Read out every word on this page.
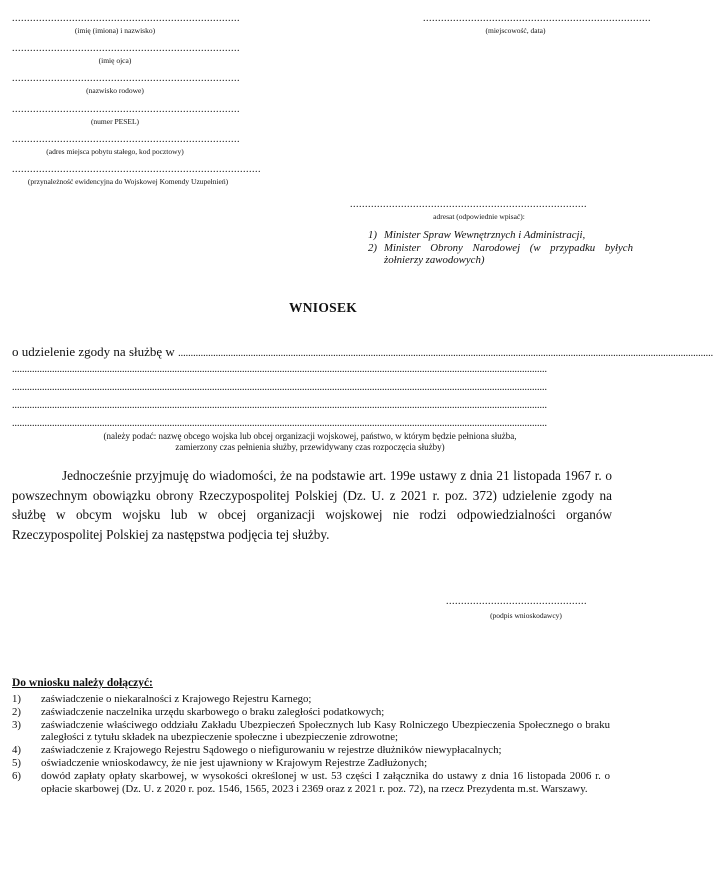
............................................................................
(imię (imiona) i nazwisko)
............................................................................
(imię ojca)
............................................................................
(nazwisko rodowe)
............................................................................
(numer PESEL)
............................................................................
(adres miejsca pobytu stałego, kod pocztowy)
...................................................................................
(przynależność ewidencyjna do Wojskowej Komendy Uzupełnień)
............................................................................
(miejscowość, data)
...............................................................................
adresat (odpowiednie wpisać):
1) Minister Spraw Wewnętrznych i Administracji,
2) Minister Obrony Narodowej (w przypadku byłych żołnierzy zawodowych)
WNIOSEK
o udzielenie zgody na służbę w ......................................................................................................................................................................................................................
......................................................................................................................................................................................................................
......................................................................................................................................................................................................................
......................................................................................................................................................................................................................
......................................................................................................................................................................................................................
(należy podać: nazwę obcego wojska lub obcej organizacji wojskowej, państwo, w którym będzie pełniona służba,
zamierzony czas pełnienia służby, przewidywany czas rozpoczęcia służby)
Jednocześnie przyjmuję do wiadomości, że na podstawie art. 199e ustawy z dnia 21 listopada 1967 r. o powszechnym obowiązku obrony Rzeczypospolitej Polskiej (Dz. U. z 2021 r. poz. 372) udzielenie zgody na służbę w obcym wojsku lub w obcej organizacji wojskowej nie rodzi odpowiedzialności organów Rzeczypospolitej Polskiej za następstwa podjęcia tej służby.
...............................................
(podpis wnioskodawcy)
Do wniosku należy dołączyć:
1)	zaświadczenie o niekaralności z Krajowego Rejestru Karnego;
2)	zaświadczenie naczelnika urzędu skarbowego o braku zaległości podatkowych;
3)	zaświadczenie właściwego oddziału Zakładu Ubezpieczeń Społecznych lub Kasy Rolniczego Ubezpieczenia Społecznego o braku zaległości z tytułu składek na ubezpieczenie społeczne i ubezpieczenie zdrowotne;
4)	zaświadczenie z Krajowego Rejestru Sądowego o niefigurowaniu w rejestrze dłużników niewypłacalnych;
5)	oświadczenie wnioskodawcy, że nie jest ujawniony w Krajowym Rejestrze Zadłużonych;
6)	dowód zapłaty opłaty skarbowej, w wysokości określonej w ust. 53 części I załącznika do ustawy z dnia 16 listopada 2006 r. o opłacie skarbowej (Dz. U. z 2020 r. poz. 1546, 1565, 2023 i 2369 oraz z 2021 r. poz. 72), na rzecz Prezydenta m.st. Warszawy.
